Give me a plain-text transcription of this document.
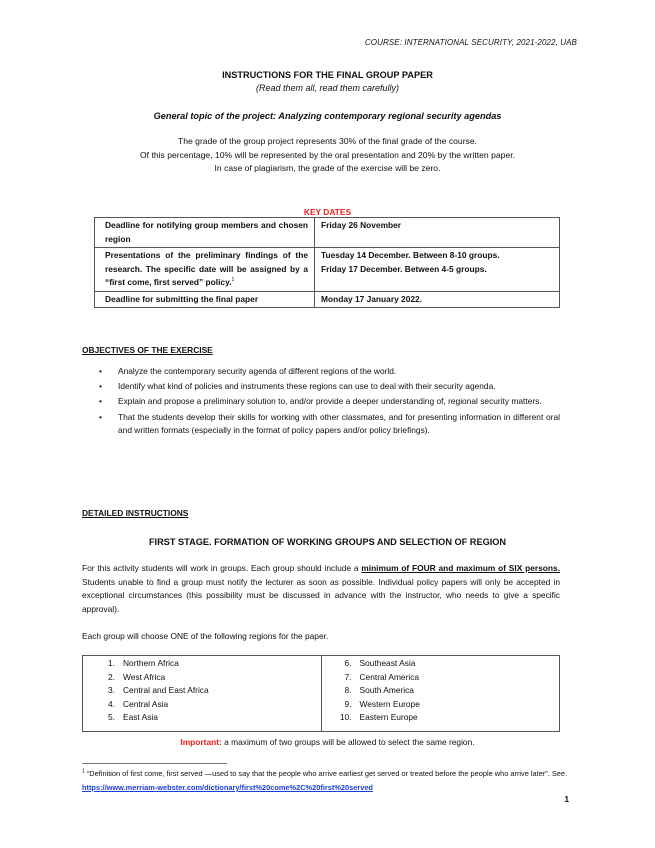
COURSE: INTERNATIONAL SECURITY, 2021-2022, UAB
INSTRUCTIONS FOR THE FINAL GROUP PAPER
(Read them all, read them carefully)
General topic of the project: Analyzing contemporary regional security agendas
The grade of the group project represents 30% of the final grade of the course.
Of this percentage, 10% will be represented by the oral presentation and 20% by the written paper.
In case of plagiarism, the grade of the exercise will be zero.
KEY DATES
Deadline for notifying group members and chosen region	Friday 26 November
Presentations of the preliminary findings of the research. The specific date will be assigned by a “first come, first served” policy.$^1$	Tuesday 14 December. Between 8-10 groups.
Friday 17 December. Between 4-5 groups.
Deadline for submitting the final paper	Monday 17 January 2022.
OBJECTIVES OF THE EXERCISE
• Analyze the contemporary security agenda of different regions of the world.
• Identify what kind of policies and instruments these regions can use to deal with their security agenda.
• Explain and propose a preliminary solution to, and/or provide a deeper understanding of, regional security matters.
• That the students develop their skills for working with other classmates, and for presenting information in different oral and written formats (especially in the format of policy papers and/or policy briefings).
DETAILED INSTRUCTIONS
FIRST STAGE. FORMATION OF WORKING GROUPS AND SELECTION OF REGION
For this activity students will work in groups. Each group should include a minimum of FOUR and maximum of SIX persons. Students unable to find a group must notify the lecturer as soon as possible. Individual policy papers will only be accepted in exceptional circumstances (this possibility must be discussed in advance with the instructor, who needs to give a specific approval).
Each group will choose ONE of the following regions for the paper.
1. Northern Africa
2. West Africa
3. Central and East Africa
4. Central Asia
5. East Asia

6. Southeast Asia
7. Central America
8. South America
9. Western Europe
10. Eastern Europe
Important: a maximum of two groups will be allowed to select the same region.
$^1$ “Definition of first come, first served —used to say that the people who arrive earliest get served or treated before the people who arrive later”. See. https://www.merriam-webster.com/dictionary/first%20come%2C%20first%20served
1
